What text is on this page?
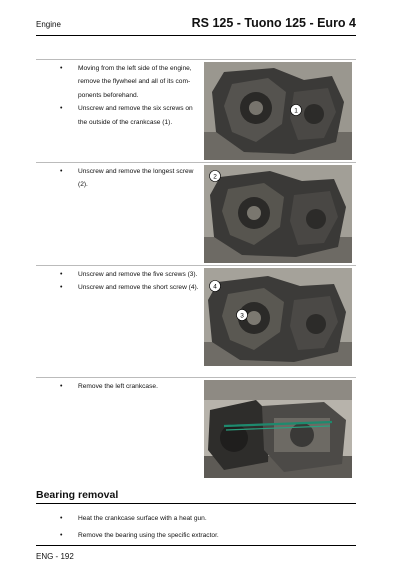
Engine	RS 125 - Tuono 125 - Euro 4
• Moving from the left side of the engine, remove the flywheel and all of its com- ponents beforehand.
• Unscrew and remove the six screws on the outside of the crankcase (1).
1
• Unscrew and remove the longest screw (2).
2
• Unscrew and remove the five screws (3).
• Unscrew and remove the short screw (4). 4
3
• Remove the left crankcase.
Bearing removal
• Heat the crankcase surface with a heat gun.
• Remove the bearing using the specific extractor.
ENG - 192
